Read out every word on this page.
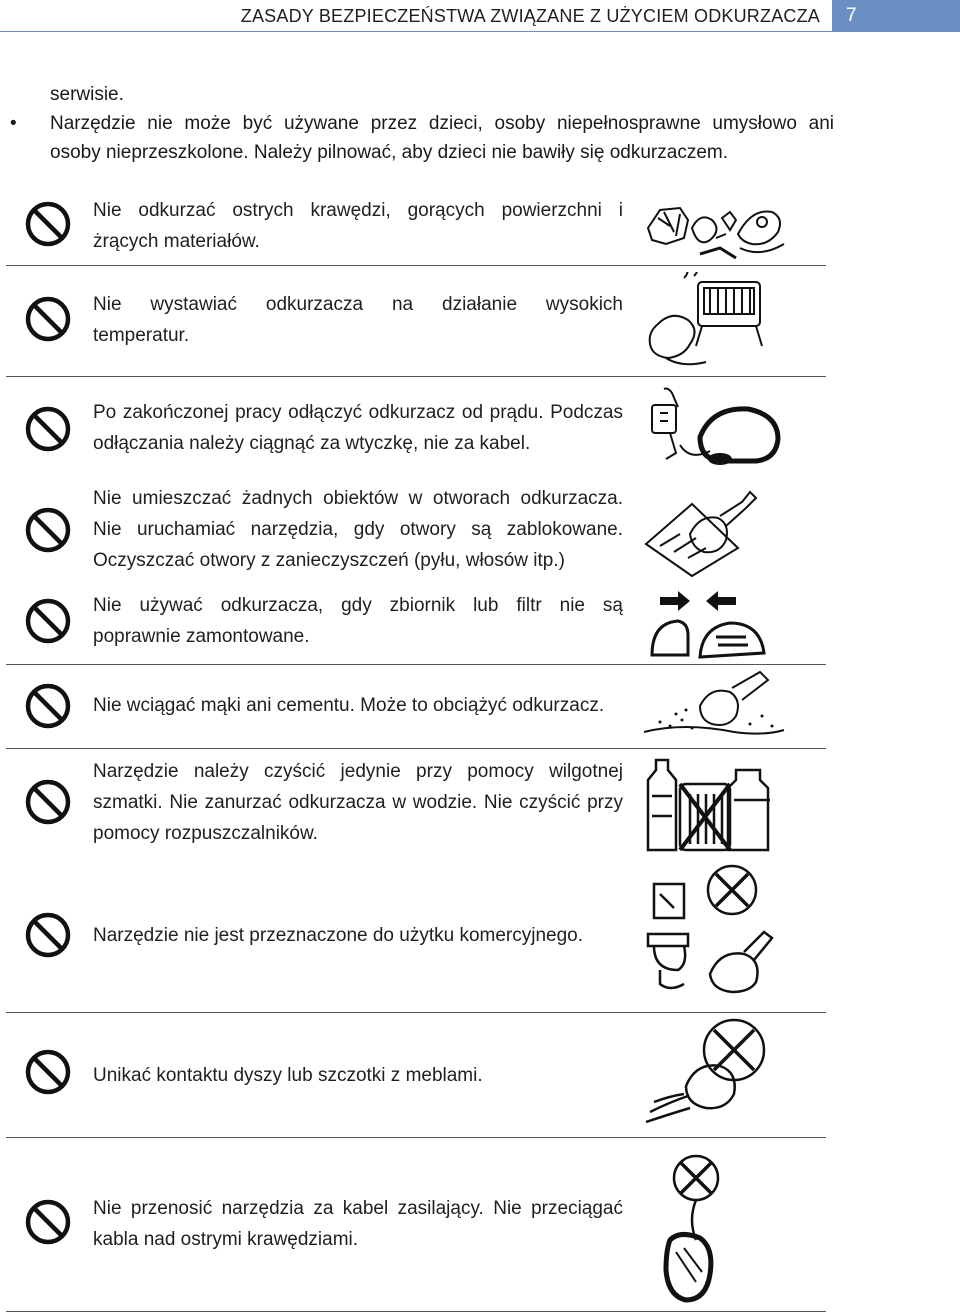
ZASADY BEZPIECZEŃSTWA ZWIĄZANE Z UŻYCIEM ODKURZACZA 7

serwisie.

• Narzędzie nie może być używane przez dzieci, osoby niepełnosprawne umysłowo ani

osoby nieprzeszkolone. Należy pilnować, aby dzieci nie bawiły się odkurzaczem.

Nie odkurzać ostrych krawędzi, gorących powierzchni i
żrących materiałów.
Nie wystawiać odkurzacza na działanie wysokich
temperatur.
Po zakończonej pracy odłączyć odkurzacz od prądu. Podczas
odłączania należy ciągnąć za wtyczkę, nie za kabel.
Nie umieszczać żadnych obiektów w otworach odkurzacza.
Nie uruchamiać narzędzia, gdy otwory są zablokowane.
Oczyszczać otwory z zanieczyszczeń (pyłu, włosów itp.)
Nie używać odkurzacza, gdy zbiornik lub filtr nie są
poprawnie zamontowane.
Nie wciągać mąki ani cementu. Może to obciążyć odkurzacz.
Narzędzie należy czyścić jedynie przy pomocy wilgotnej
szmatki. Nie zanurzać odkurzacza w wodzie. Nie czyścić przy
pomocy rozpuszczalników.
Narzędzie nie jest przeznaczone do użytku komercyjnego.
Unikać kontaktu dyszy lub szczotki z meblami.
Nie przenosić narzędzia za kabel zasilający. Nie przeciągać
kabla nad ostrymi krawędziami.
